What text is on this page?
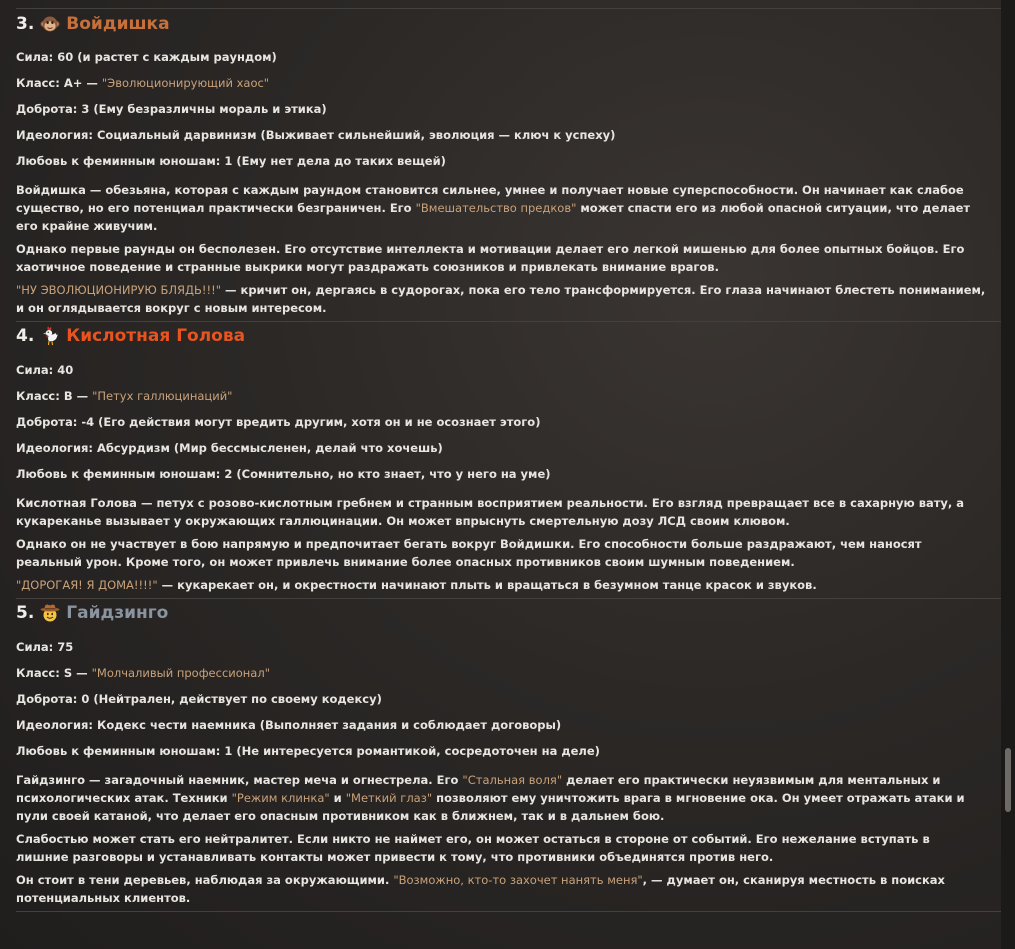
3. Войдишка

Сила: 60 (и растет с каждым раундом)

Класс: A+ — "Эволюционирующий хаос"

Доброта: 3 (Ему безразличны мораль и этика)

Идеология: Социальный дарвинизм (Выживает сильнейший, эволюция — ключ к успеху)

Любовь к феминным юношам: 1 (Ему нет дела до таких вещей)

Войдишка — обезьяна, которая с каждым раундом становится сильнее, умнее и получает новые суперспособности. Он начинает как слабое существо, но его потенциал практически безграничен. Его "Вмешательство предков" может спасти его из любой опасной ситуации, что делает его крайне живучим.

Однако первые раунды он бесполезен. Его отсутствие интеллекта и мотивации делает его легкой мишенью для более опытных бойцов. Его хаотичное поведение и странные выкрики могут раздражать союзников и привлекать внимание врагов.

"НУ ЭВОЛЮЦИОНИРУЮ БЛЯДЬ!!!" — кричит он, дергаясь в судорогах, пока его тело трансформируется. Его глаза начинают блестеть пониманием, и он оглядывается вокруг с новым интересом.

4. Кислотная Голова

Сила: 40

Класс: B — "Петух галлюцинаций"

Доброта: -4 (Его действия могут вредить другим, хотя он и не осознает этого)

Идеология: Абсурдизм (Мир бессмысленен, делай что хочешь)

Любовь к феминным юношам: 2 (Сомнительно, но кто знает, что у него на уме)

Кислотная Голова — петух с розово-кислотным гребнем и странным восприятием реальности. Его взгляд превращает все в сахарную вату, а кукареканье вызывает у окружающих галлюцинации. Он может впрыснуть смертельную дозу ЛСД своим клювом.

Однако он не участвует в бою напрямую и предпочитает бегать вокруг Войдишки. Его способности больше раздражают, чем наносят реальный урон. Кроме того, он может привлечь внимание более опасных противников своим шумным поведением.

"ДОРОГАЯ! Я ДОМА!!!!" — кукарекает он, и окрестности начинают плыть и вращаться в безумном танце красок и звуков.

5. Гайдзинго

Сила: 75

Класс: S — "Молчаливый профессионал"

Доброта: 0 (Нейтрален, действует по своему кодексу)

Идеология: Кодекс чести наемника (Выполняет задания и соблюдает договоры)

Любовь к феминным юношам: 1 (Не интересуется романтикой, сосредоточен на деле)

Гайдзинго — загадочный наемник, мастер меча и огнестрела. Его "Стальная воля" делает его практически неуязвимым для ментальных и психологических атак. Техники "Режим клинка" и "Меткий глаз" позволяют ему уничтожить врага в мгновение ока. Он умеет отражать атаки и пули своей катаной, что делает его опасным противником как в ближнем, так и в дальнем бою.

Слабостью может стать его нейтралитет. Если никто не наймет его, он может остаться в стороне от событий. Его нежелание вступать в лишние разговоры и устанавливать контакты может привести к тому, что противники объединятся против него.

Он стоит в тени деревьев, наблюдая за окружающими. "Возможно, кто-то захочет нанять меня", — думает он, сканируя местность в поисках потенциальных клиентов.
